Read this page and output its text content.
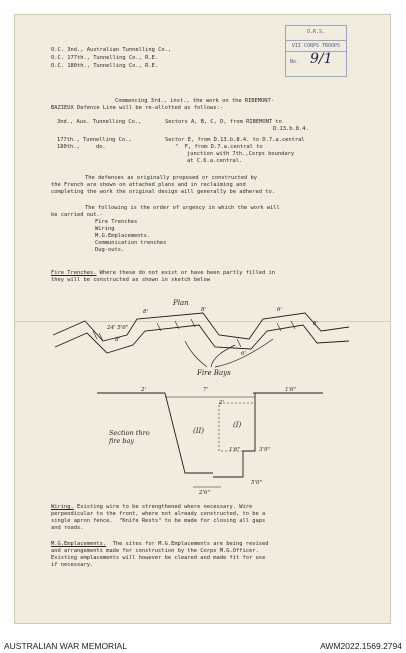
O.R.S.
VII CORPS TROOPS
No. 9/1
O.C. 3nd., Australian Tunnelling Co.,
O.C. 177th., Tunnelling Co., R.E.
O.C. 180th., Tunnelling Co., R.E.
Commencing 3rd., inst., the work on the RIBEMONT-
BAZIEUX Defence Line will be re-allotted as follows:-
3nd., Aus. Tunnelling Co.,	Sectors A, B, C, D, from RIBEMONT to
D.13.b.8.4.
177th., Tunnelling Co.,	Sector E, from D.13.b.8.4. to D.7.a.central
180th.,     do.	"  F, from D.7.a.central to
junction with 7th.,Corps boundary
at C.6.a.central.
The defences as originally proposed or constructed by
the French are shown on attached plans and in reclaiming and
completing the work the original design will generally be adhered to.
The following is the order of urgency in which the work will
be carried out.-
Fire Trenches
Wiring
M.G.Emplacements.
Communication trenches
Dug-outs.
Fire Trenches. Where these do not exist or have been partly filled in
they will be constructed as shown in sketch below
Plan
8'	8'
8'
8'
6'
6'
24' 5'6"
Fire Bays
2'	7'
2'
1'6"
Section thro
fire bay
(I)
(II)
1'6"	3'9"
2'6"
5'0"
Wiring. Existing wire to be strengthened where necessary. Wire
perpendicular to the front, where not already constructed, to be a
single apron fence.  "Knife Rests" to be made for closing all gaps
and roads.
M.G.Emplacements.  The sites for M.G.Emplacements are being revised
and arrangements made for construction by the Corps M.G.Officer.
Existing emplacements will however be cleared and made fit for use
if necessary.
AUSTRALIAN WAR MEMORIAL	AWM2022.1569.2794
